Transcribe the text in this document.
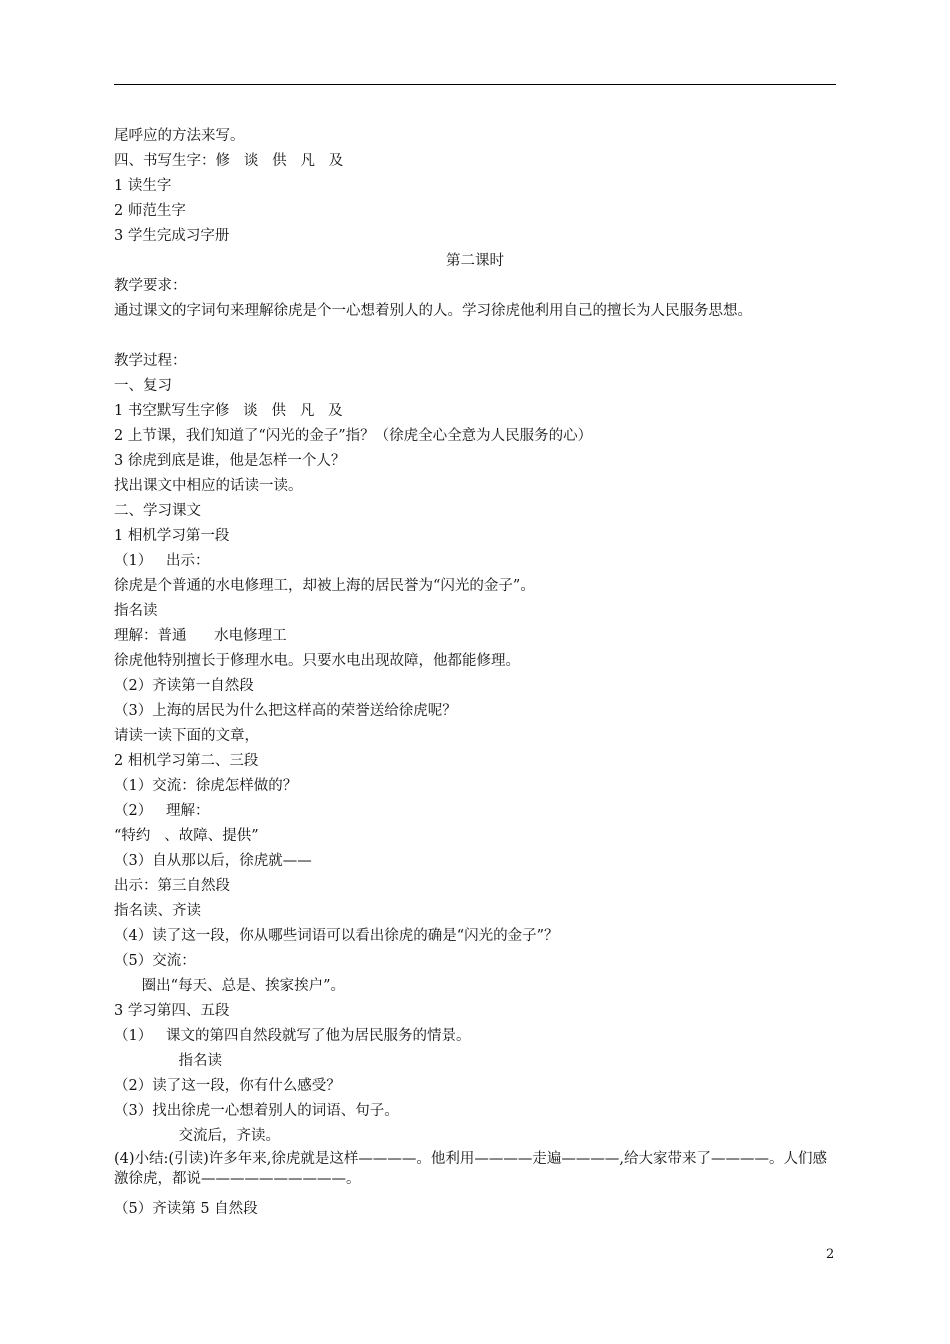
尾呼应的方法来写。
四、书写生字：修   谈   供   凡   及
1 读生字
2 师范生字
3 学生完成习字册
第二课时
教学要求：
通过课文的字词句来理解徐虎是个一心想着别人的人。学习徐虎他利用自己的擅长为人民服务思想。
教学过程：
一、复习
1 书空默写生字修   谈   供   凡   及
2 上节课，我们知道了“闪光的金子”指？（徐虎全心全意为人民服务的心）
3 徐虎到底是谁，他是怎样一个人？
找出课文中相应的话读一读。
二、学习课文
1 相机学习第一段
（1）   出示：
徐虎是个普通的水电修理工，却被上海的居民誉为“闪光的金子”。
指名读
理解：普通      水电修理工
徐虎他特别擅长于修理水电。只要水电出现故障，他都能修理。
（2）齐读第一自然段
（3）上海的居民为什么把这样高的荣誉送给徐虎呢？
请读一读下面的文章，
2 相机学习第二、三段
（1）交流：徐虎怎样做的？
（2）   理解：
“特约   、故障、提供”
（3）自从那以后，徐虎就——
出示：第三自然段
指名读、齐读
（4）读了这一段，你从哪些词语可以看出徐虎的确是“闪光的金子”？
（5）交流：
圈出“每天、总是、挨家挨户”。
3 学习第四、五段
（1）   课文的第四自然段就写了他为居民服务的情景。
指名读
（2）读了这一段，你有什么感受？
（3）找出徐虎一心想着别人的词语、句子。
交流后，齐读。
(4)小结:(引读)许多年来,徐虎就是这样————。他利用————走遍————,给大家带来了————。人们感激徐虎，都说——————————。
（5）齐读第 5 自然段
2
